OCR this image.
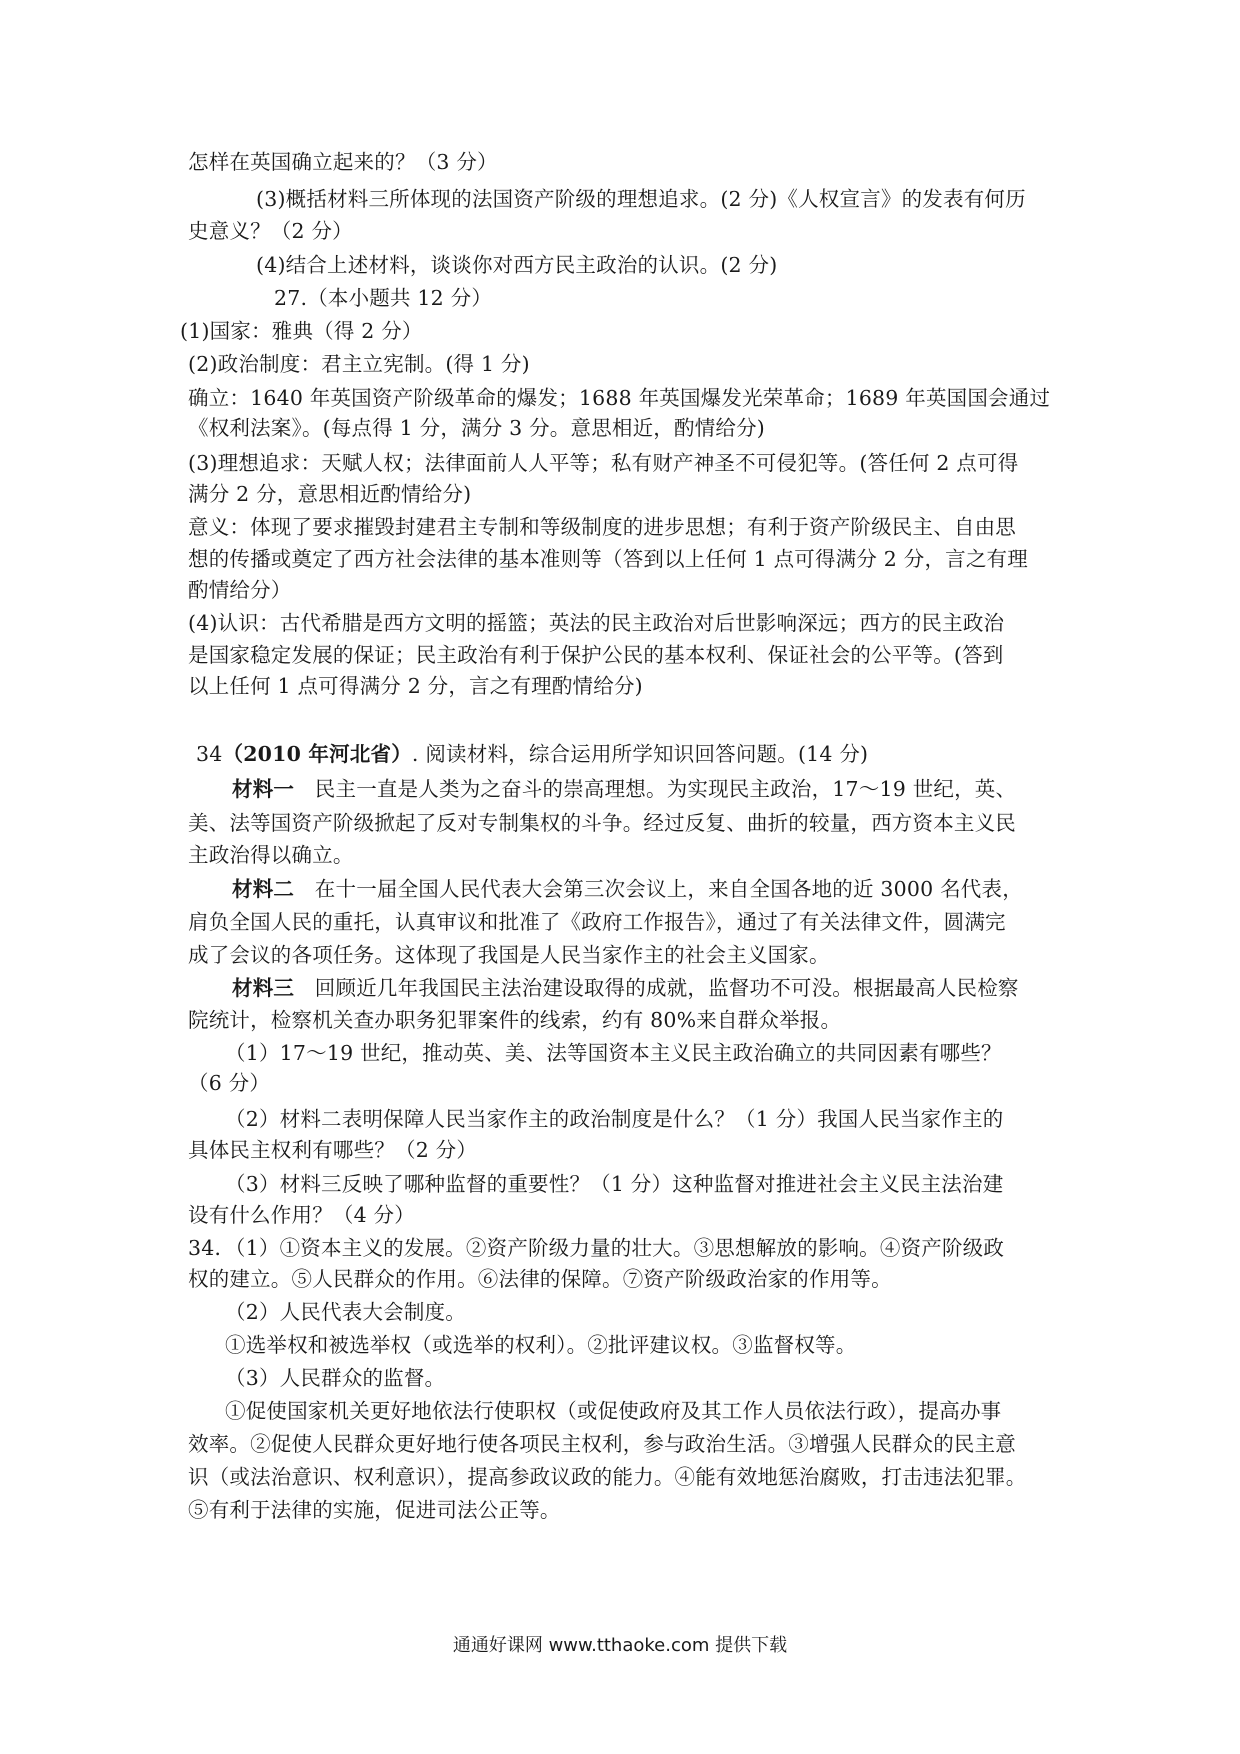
怎样在英国确立起来的？（3 分）
(3)概括材料三所体现的法国资产阶级的理想追求。(2 分)《人权宣言》的发表有何历
史意义？（2 分）
(4)结合上述材料，谈谈你对西方民主政治的认识。(2 分)
27.（本小题共 12 分）
(1)国家：雅典（得 2 分）
(2)政治制度：君主立宪制。(得 1 分)
确立：1640 年英国资产阶级革命的爆发；1688 年英国爆发光荣革命；1689 年英国国会通过
《权利法案》。(每点得 1 分，满分 3 分。意思相近，酌情给分)
(3)理想追求：天赋人权；法律面前人人平等；私有财产神圣不可侵犯等。(答任何 2 点可得
满分 2 分，意思相近酌情给分)
意义：体现了要求摧毁封建君主专制和等级制度的进步思想；有利于资产阶级民主、自由思
想的传播或奠定了西方社会法律的基本准则等（答到以上任何 1 点可得满分 2 分，言之有理
酌情给分）
(4)认识：古代希腊是西方文明的摇篮；英法的民主政治对后世影响深远；西方的民主政治
是国家稳定发展的保证；民主政治有利于保护公民的基本权利、保证社会的公平等。(答到
以上任何 1 点可得满分 2 分，言之有理酌情给分)
34（2010 年河北省）. 阅读材料，综合运用所学知识回答问题。(14 分)
材料一　民主一直是人类为之奋斗的崇高理想。为实现民主政治，17～19 世纪，英、
美、法等国资产阶级掀起了反对专制集权的斗争。经过反复、曲折的较量，西方资本主义民
主政治得以确立。
材料二　在十一届全国人民代表大会第三次会议上，来自全国各地的近 3000 名代表，
肩负全国人民的重托，认真审议和批准了《政府工作报告》，通过了有关法律文件，圆满完
成了会议的各项任务。这体现了我国是人民当家作主的社会主义国家。
材料三　回顾近几年我国民主法治建设取得的成就，监督功不可没。根据最高人民检察
院统计，检察机关查办职务犯罪案件的线索，约有 80%来自群众举报。
（1）17～19 世纪，推动英、美、法等国资本主义民主政治确立的共同因素有哪些？
（6 分）
（2）材料二表明保障人民当家作主的政治制度是什么？（1 分）我国人民当家作主的
具体民主权利有哪些？（2 分）
（3）材料三反映了哪种监督的重要性？（1 分）这种监督对推进社会主义民主法治建
设有什么作用？（4 分）
34．（1）①资本主义的发展。②资产阶级力量的壮大。③思想解放的影响。④资产阶级政
权的建立。⑤人民群众的作用。⑥法律的保障。⑦资产阶级政治家的作用等。
（2）人民代表大会制度。
①选举权和被选举权（或选举的权利）。②批评建议权。③监督权等。
（3）人民群众的监督。
①促使国家机关更好地依法行使职权（或促使政府及其工作人员依法行政），提高办事
效率。②促使人民群众更好地行使各项民主权利，参与政治生活。③增强人民群众的民主意
识（或法治意识、权利意识），提高参政议政的能力。④能有效地惩治腐败，打击违法犯罪。
⑤有利于法律的实施，促进司法公正等。
通通好课网 www.tthaoke.com 提供下载
